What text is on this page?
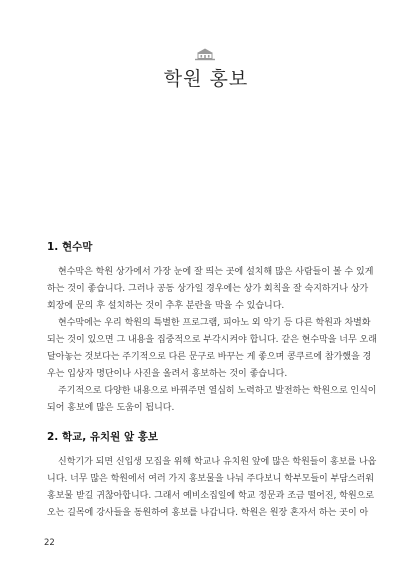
학원 홍보
1. 현수막
현수막은 학원 상가에서 가장 눈에 잘 띄는 곳에 설치해 많은 사람들이 볼 수 있게
하는 것이 좋습니다. 그러나 공동 상가일 경우에는 상가 회칙을 잘 숙지하거나 상가
회장에 문의 후 설치하는 것이 추후 분란을 막을 수 있습니다.
현수막에는 우리 학원의 특별한 프로그램, 피아노 외 악기 등 다른 학원과 차별화
되는 것이 있으면 그 내용을 집중적으로 부각시켜야 합니다. 같은 현수막을 너무 오래
달아놓는 것보다는 주기적으로 다른 문구로 바꾸는 게 좋으며 콩쿠르에 참가했을 경
우는 입상자 명단이나 사진을 올려서 홍보하는 것이 좋습니다.
주기적으로 다양한 내용으로 바꿔주면 열심히 노력하고 발전하는 학원으로 인식이
되어 홍보에 많은 도움이 됩니다.
2. 학교, 유치원 앞 홍보
신학기가 되면 신입생 모집을 위해 학교나 유치원 앞에 많은 학원들이 홍보를 나옵
니다. 너무 많은 학원에서 여러 가지 홍보물을 나눠 주다보니 학부모들이 부담스러워
홍보물 받길 귀찮아합니다. 그래서 예비소집일에 학교 정문과 조금 떨어진, 학원으로
오는 길목에 강사들을 동원하여 홍보를 나갑니다. 학원은 원장 혼자서 하는 곳이 아
22
